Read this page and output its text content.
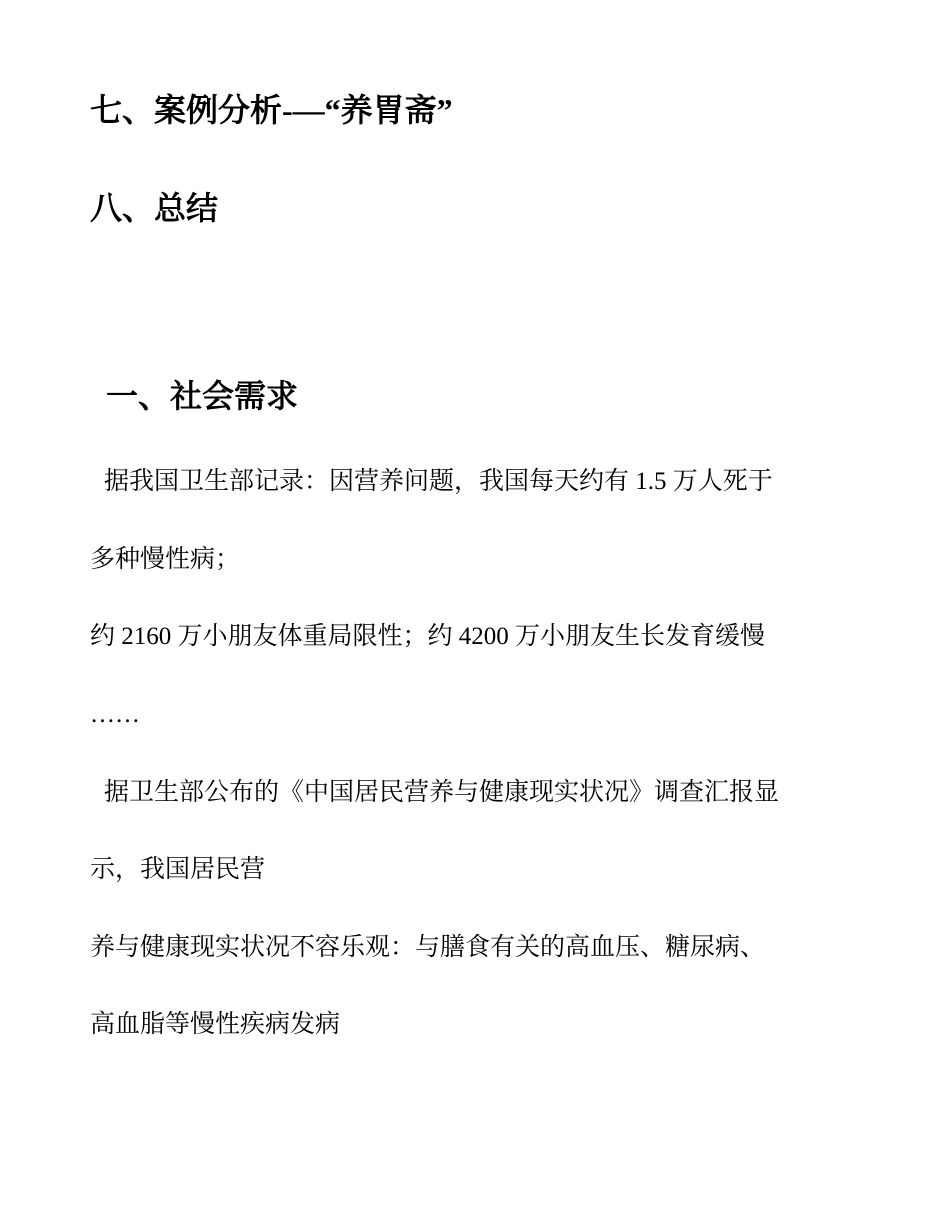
七、案例分析-—“养胃斋”
八、总结
一、社会需求

据我国卫生部记录：因营养问题，我国每天约有 1.5 万人死于

多种慢性病；

约 2160 万小朋友体重局限性；约 4200 万小朋友生长发育缓慢

……

据卫生部公布的《中国居民营养与健康现实状况》调查汇报显

示，我国居民营

养与健康现实状况不容乐观：与膳食有关的高血压、糖尿病、

高血脂等慢性疾病发病
